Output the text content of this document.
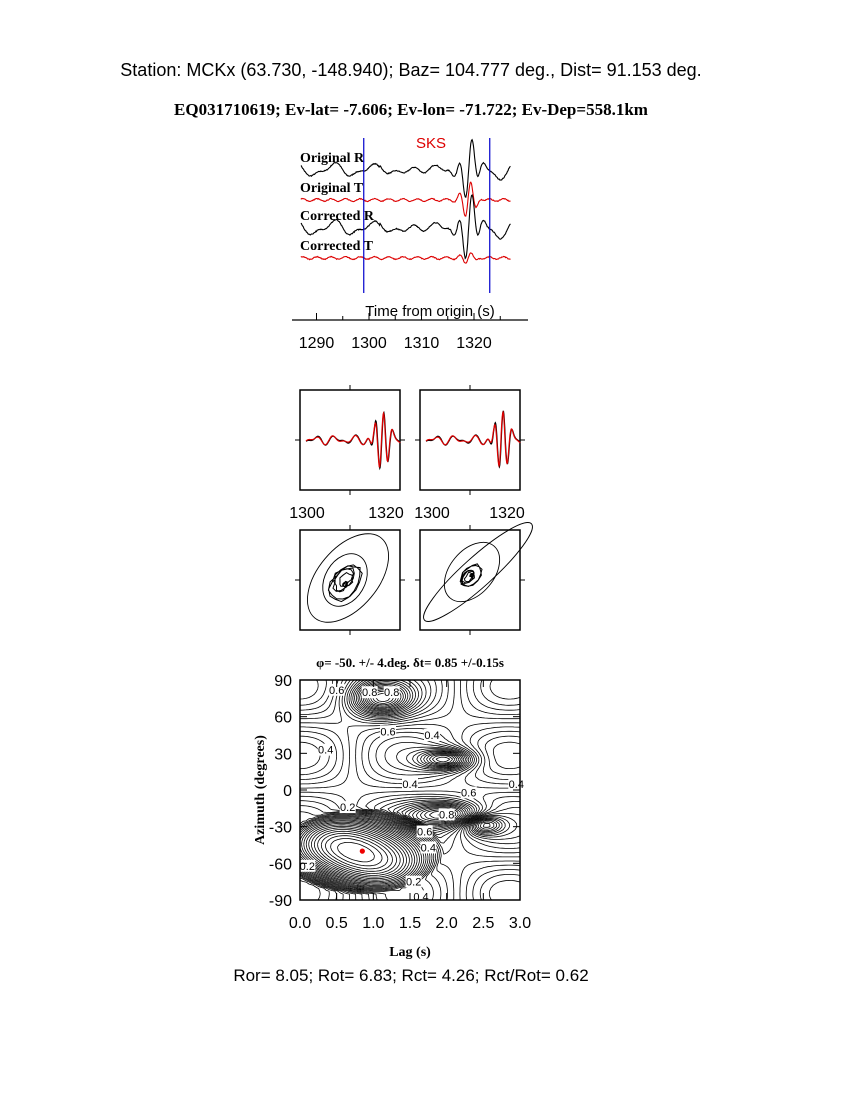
Station: MCKx (63.730, -148.940); Baz= 104.777 deg., Dist= 91.153 deg.
EQ031710619; Ev-lat= -7.606; Ev-lon= -71.722; Ev-Dep=558.1km
Original R
Original T
Corrected R
Corrected T
SKS
Time from origin (s)
1290 1300 1310 1320
1300	1320 1300 1320
φ= -50. +/- 4.deg. δt= 0.85 +/-0.15s
0.8 0.8
0.6
0.6	0.4
0.4
0.4
0.6
0.4
0.2
0.8
0.6
0.4
0.2
0.2
0.4
0.0 0.5 1.0 1.5 2.0 2.5 3.0
90
60
30
0
-30
-60
-90
Lag (s)
Azimuth (degrees)
Ror= 8.05; Rot= 6.83; Rct= 4.26; Rct/Rot= 0.62
